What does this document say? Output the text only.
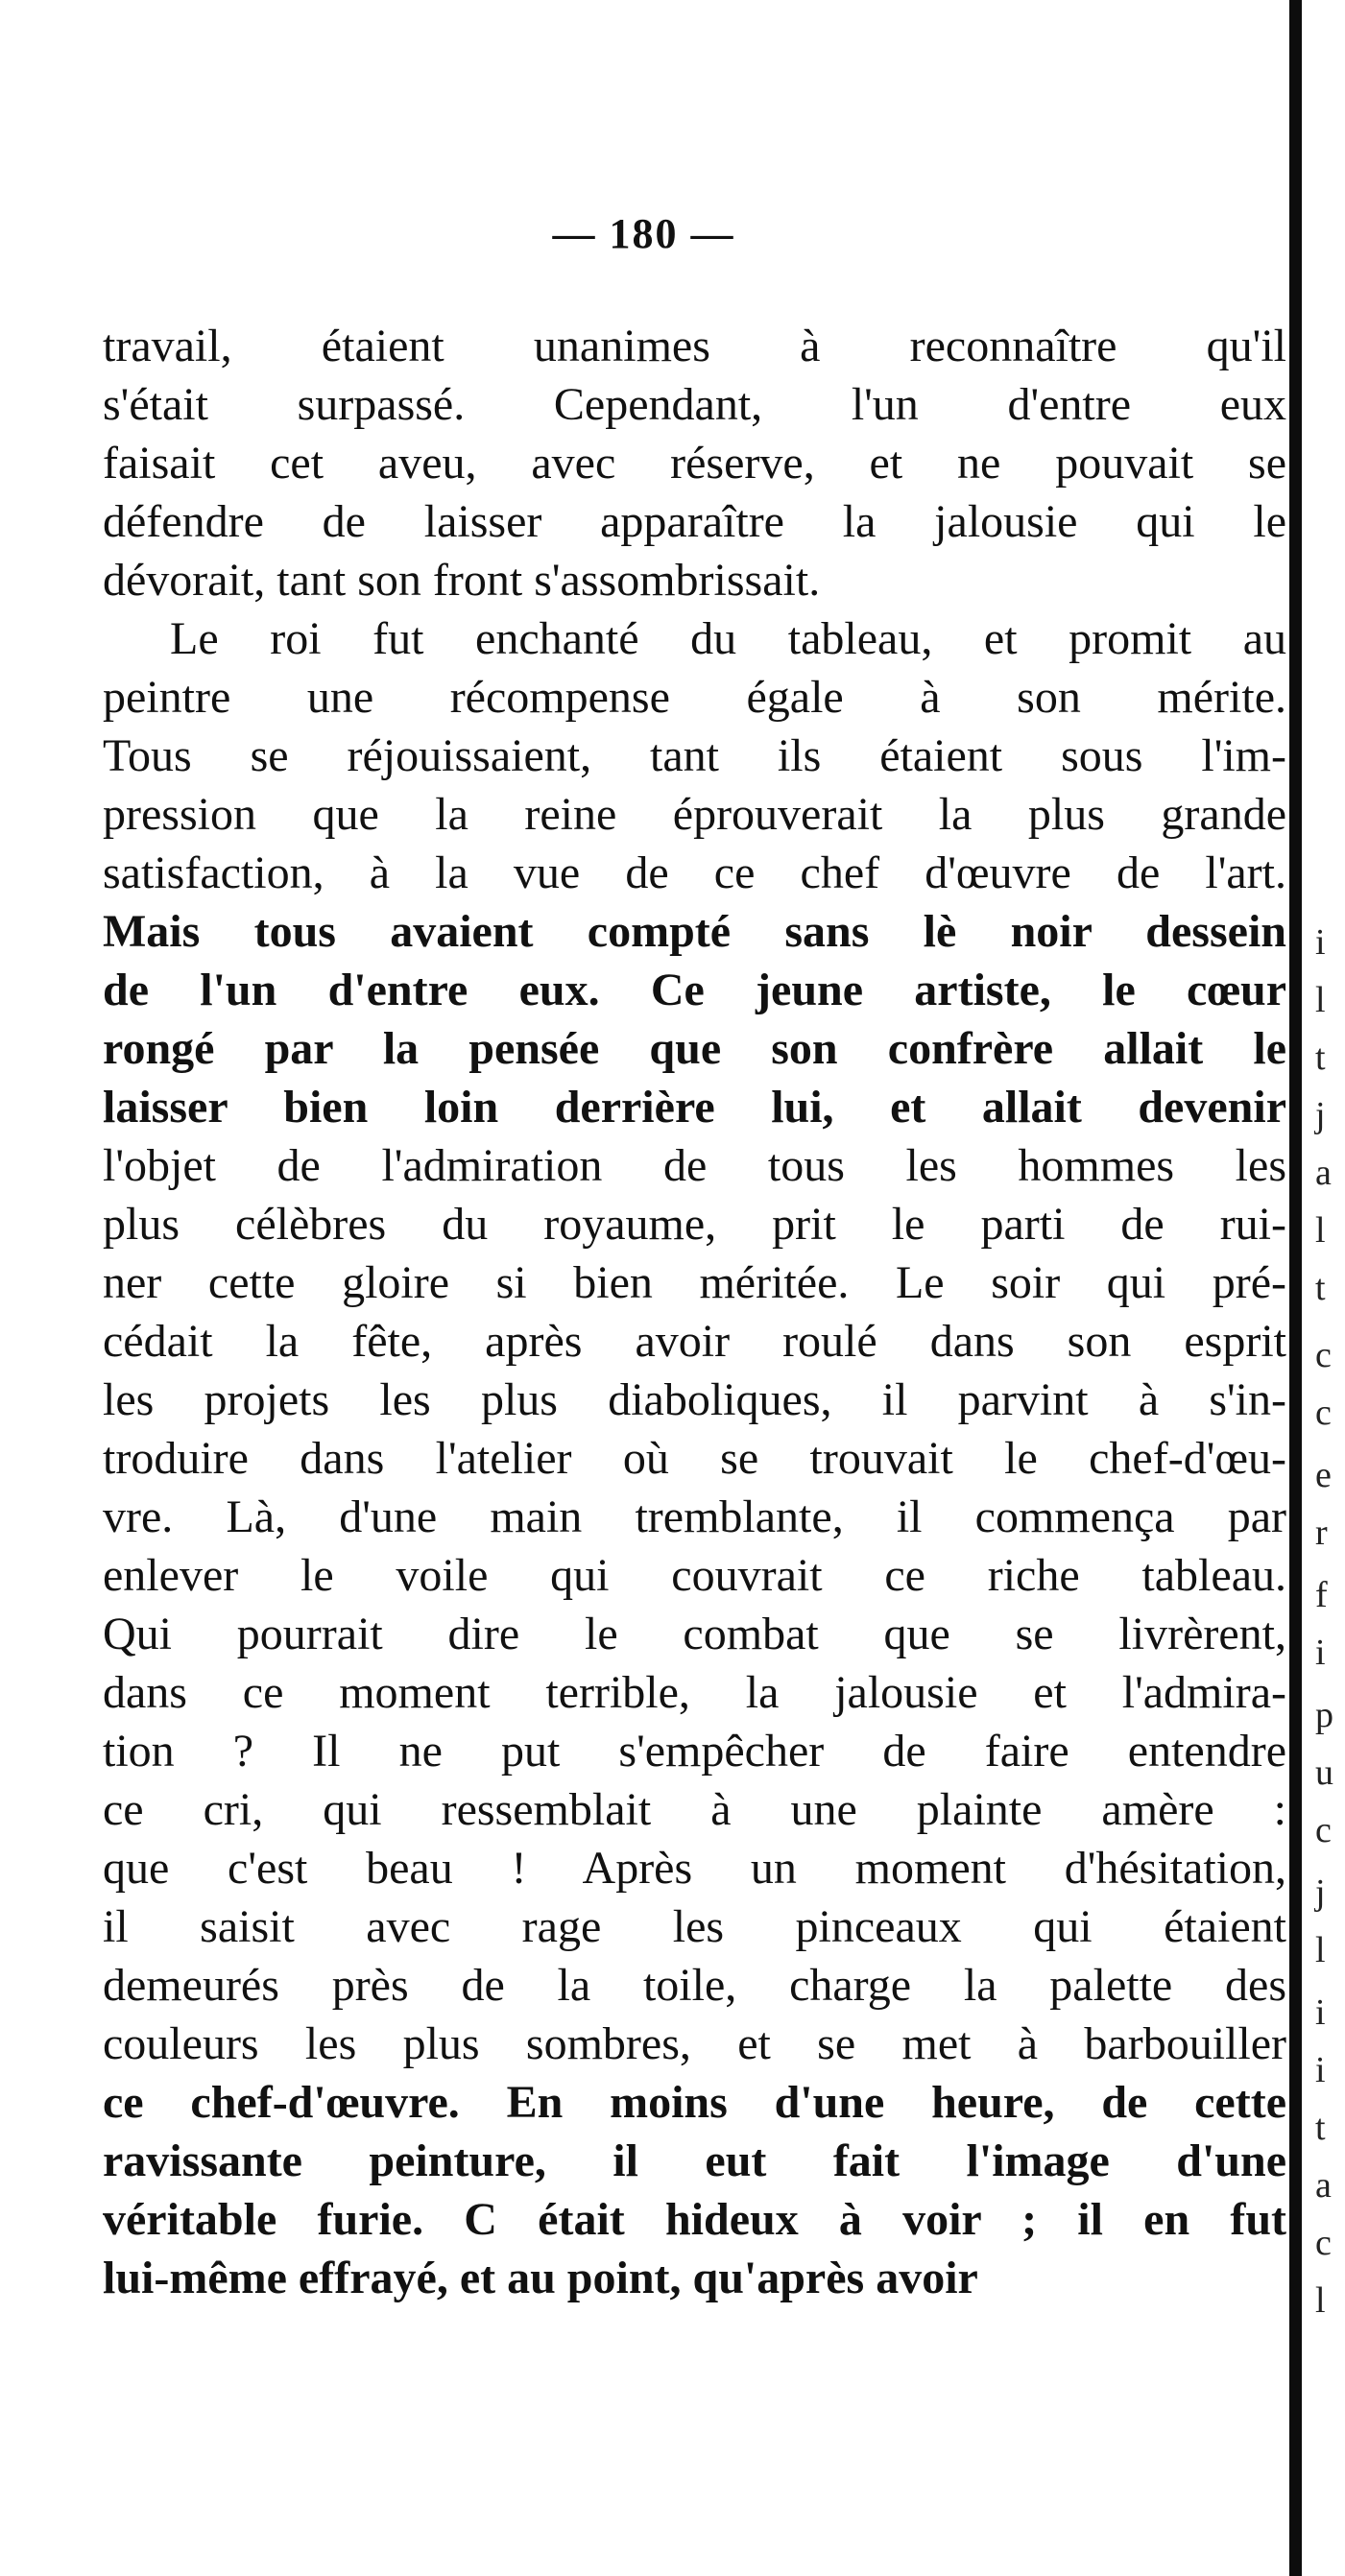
— 180 —
travail, étaient unanimes à reconnaître qu'il
s'était surpassé. Cependant, l'un d'entre eux
faisait cet aveu, avec réserve, et ne pouvait se
défendre de laisser apparaître la jalousie qui le
dévorait, tant son front s'assombrissait.
Le roi fut enchanté du tableau, et promit au
peintre une récompense égale à son mérite.
Tous se réjouissaient, tant ils étaient sous l'im-
pression que la reine éprouverait la plus grande
satisfaction, à la vue de ce chef d'œuvre de l'art.
Mais tous avaient compté sans lè noir dessein
de l'un d'entre eux. Ce jeune artiste, le cœur
rongé par la pensée que son confrère allait le
laisser bien loin derrière lui, et allait devenir
l'objet de l'admiration de tous les hommes les
plus célèbres du royaume, prit le parti de rui-
ner cette gloire si bien méritée. Le soir qui pré-
cédait la fête, après avoir roulé dans son esprit
les projets les plus diaboliques, il parvint à s'in-
troduire dans l'atelier où se trouvait le chef-d'œu-
vre. Là, d'une main tremblante, il commença par
enlever le voile qui couvrait ce riche tableau.
Qui pourrait dire le combat que se livrèrent,
dans ce moment terrible, la jalousie et l'admira-
tion ? Il ne put s'empêcher de faire entendre
ce cri, qui ressemblait à une plainte amère :
que c'est beau ! Après un moment d'hésitation,
il saisit avec rage les pinceaux qui étaient
demeurés près de la toile, charge la palette des
couleurs les plus sombres, et se met à barbouiller
ce chef-d'œuvre. En moins d'une heure, de cette
ravissante peinture, il eut fait l'image d'une
véritable furie. C était hideux à voir ; il en fut
lui-même effrayé, et au point, qu'après avoir
i
l
t
j
a
l
t
c
c
e
r
f
i
p
u
c
j
l
i
i
t
a
c
l
